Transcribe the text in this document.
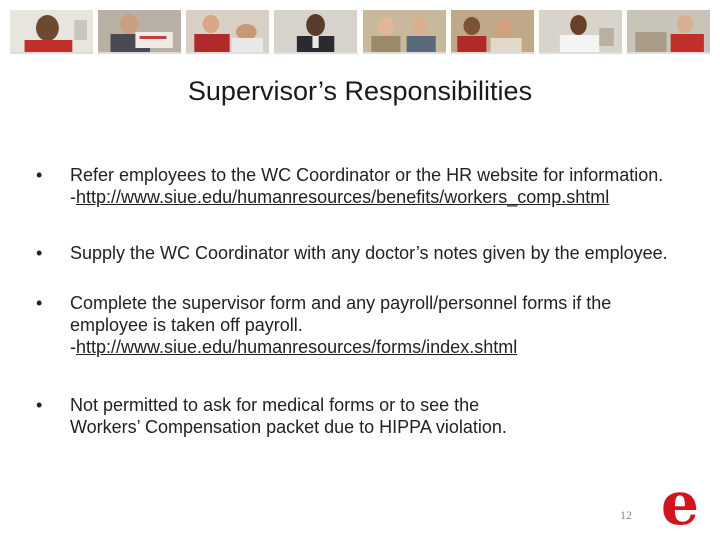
Supervisor’s Responsibilities
•	Refer employees to the WC Coordinator or the HR website for information.
-http://www.siue.edu/humanresources/benefits/workers_comp.shtml
•	Supply the WC Coordinator with any doctor’s notes given by the employee.
•	Complete the supervisor form and any payroll/personnel forms if the employee is taken off payroll.
-http://www.siue.edu/humanresources/forms/index.shtml
•	Not permitted to ask for medical forms or to see the Workers’ Compensation packet due to HIPPA violation.
12 e
